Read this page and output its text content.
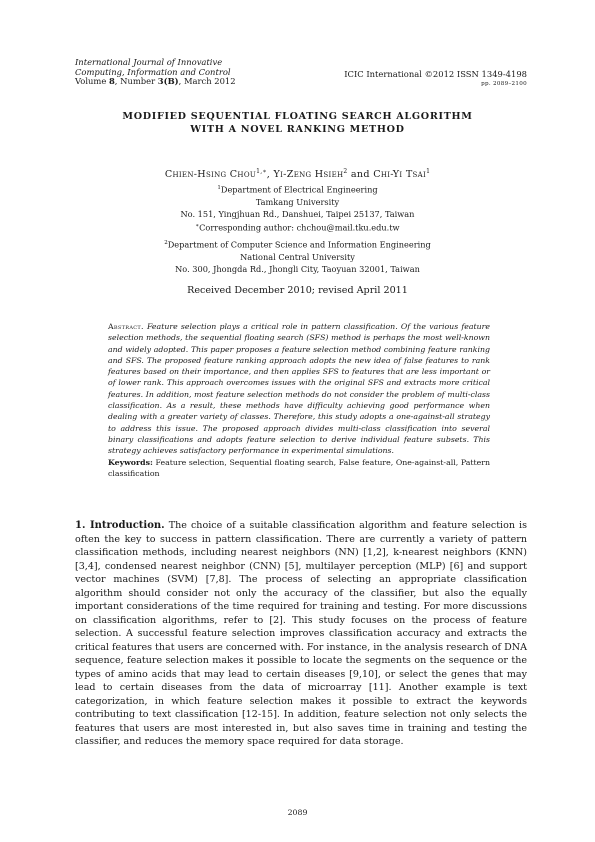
International Journal of Innovative
Computing, Information and Control
Volume 8, Number 3(B), March 2012
ICIC International ©2012 ISSN 1349-4198
pp. 2089–2100
MODIFIED SEQUENTIAL FLOATING SEARCH ALGORITHM
WITH A NOVEL RANKING METHOD
Chien-Hsing Chou$^{1,∗}$, Yi-Zeng Hsieh$^2$ and Chi-Yi Tsai$^1$
$^1$Department of Electrical Engineering
Tamkang University
No. 151, Yingjhuan Rd., Danshuei, Taipei 25137, Taiwan
∗Corresponding author: chchou@mail.tku.edu.tw
$^2$Department of Computer Science and Information Engineering
National Central University
No. 300, Jhongda Rd., Jhongli City, Taoyuan 32001, Taiwan
Received December 2010; revised April 2011
Abstract. Feature selection plays a critical role in pattern classification. Of the various feature selection methods, the sequential floating search (SFS) method is perhaps the most well-known and widely adopted. This paper proposes a feature selection method combining feature ranking and SFS. The proposed feature ranking approach adopts the new idea of false features to rank features based on their importance, and then applies SFS to features that are less important or of lower rank. This approach overcomes issues with the original SFS and extracts more critical features. In addition, most feature selection methods do not consider the problem of multi-class classification. As a result, these methods have difficulty achieving good performance when dealing with a greater variety of classes. Therefore, this study adopts a one-against-all strategy to address this issue. The proposed approach divides multi-class classification into several binary classifications and adopts feature selection to derive individual feature subsets. This strategy achieves satisfactory performance in experimental simulations.
Keywords: Feature selection, Sequential floating search, False feature, One-against-all, Pattern classification
1. Introduction. The choice of a suitable classification algorithm and feature selection is often the key to success in pattern classification. There are currently a variety of pattern classification methods, including nearest neighbors (NN) [1,2], k-nearest neighbors (KNN) [3,4], condensed nearest neighbor (CNN) [5], multilayer perception (MLP) [6] and support vector machines (SVM) [7,8]. The process of selecting an appropriate classification algorithm should consider not only the accuracy of the classifier, but also the equally important considerations of the time required for training and testing. For more discussions on classification algorithms, refer to [2]. This study focuses on the process of feature selection. A successful feature selection improves classification accuracy and extracts the critical features that users are concerned with. For instance, in the analysis research of DNA sequence, feature selection makes it possible to locate the segments on the sequence or the types of amino acids that may lead to certain diseases [9,10], or select the genes that may lead to certain diseases from the data of microarray [11]. Another example is text categorization, in which feature selection makes it possible to extract the keywords contributing to text classification [12-15]. In addition, feature selection not only selects the features that users are most interested in, but also saves time in training and testing the classifier, and reduces the memory space required for data storage.
2089
